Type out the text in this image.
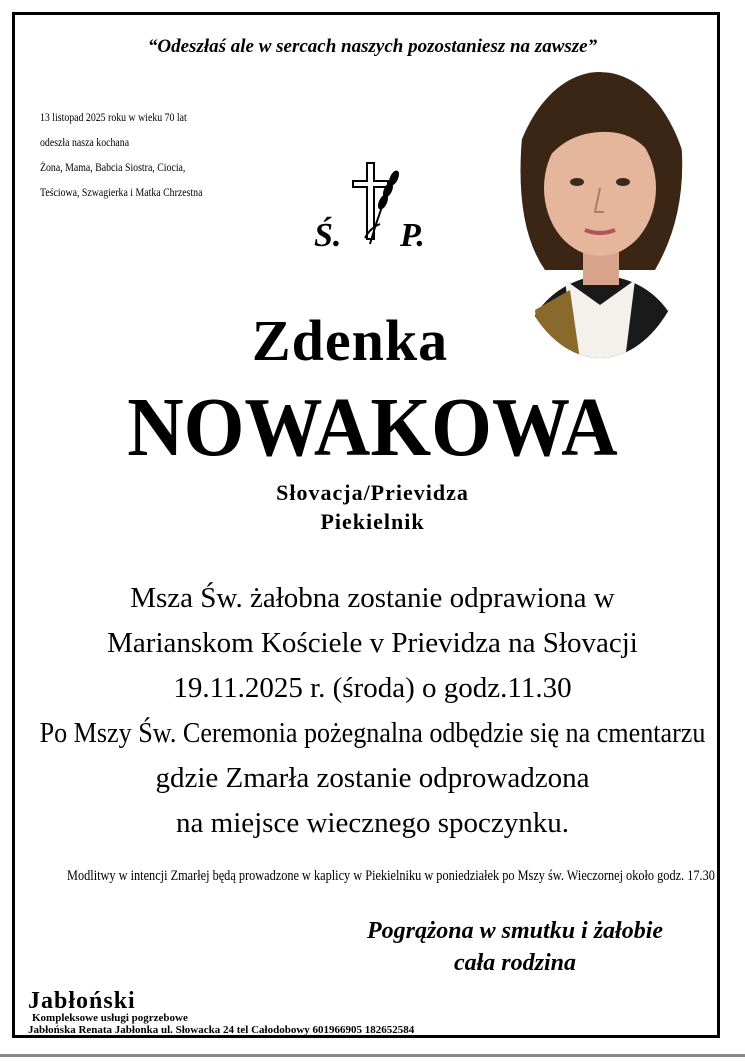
“Odeszłaś ale w sercach naszych pozostaniesz na zawsze”
13 listopad 2025 roku w wieku 70 lat
odeszła nasza kochana
Żona, Mama, Babcia Siostra, Ciocia,
Teściowa, Szwagierka i Matka Chrzestna
Ś. P.
Zdenka
NOWAKOWA
Słovacja/Prievidza
Piekielnik
Msza Św. żałobna zostanie odprawiona w
Marianskom Kościele v Prievidza na Słovacji
19.11.2025 r. (środa) o godz.11.30
Po Mszy Św. Ceremonia pożegnalna odbędzie się na cmentarzu
gdzie Zmarła zostanie odprowadzona
na miejsce wiecznego spoczynku.
Modlitwy w intencji Zmarłej będą prowadzone w kaplicy w Piekielniku w poniedziałek po Mszy św. Wieczornej około godz. 17.30
Pogrążona w smutku i żałobie
cała rodzina
Jabłoński
Kompleksowe usługi pogrzebowe
Jabłońska Renata Jabłonka ul. Słowacka 24 tel Całodobowy 601966905 182652584
